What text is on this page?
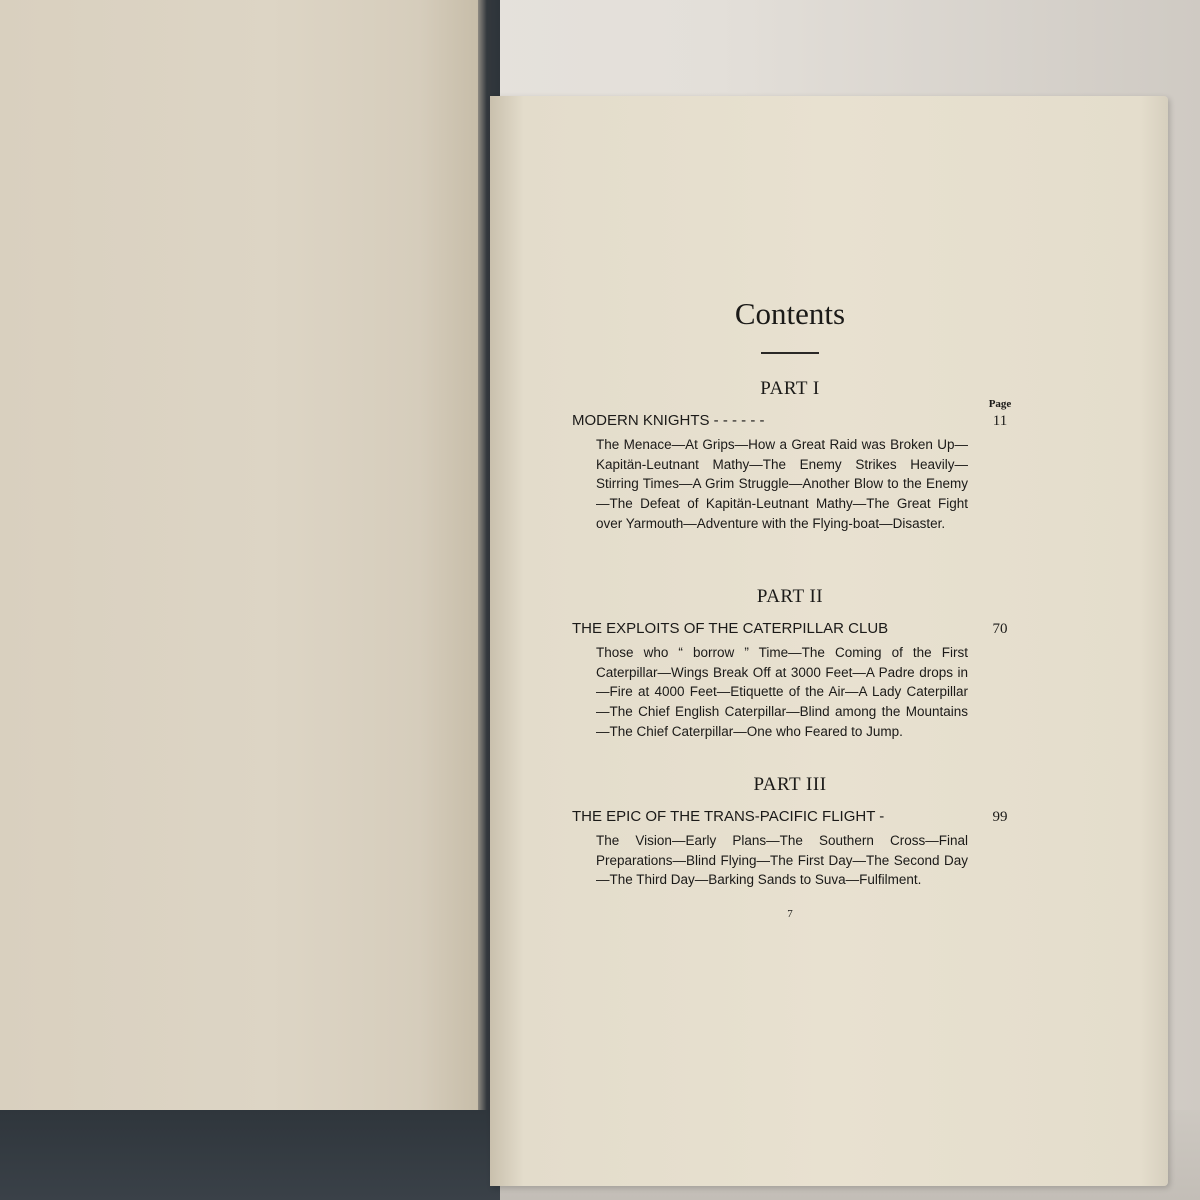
Contents
PART I
Page
MODERN KNIGHTS - - - - - -	11
The Menace—At Grips—How a Great Raid was Broken Up—Kapitän-Leutnant Mathy—The Enemy Strikes Heavily—Stirring Times—A Grim Struggle—Another Blow to the Enemy—The Defeat of Kapitän-Leutnant Mathy—The Great Fight over Yarmouth—Adventure with the Flying-boat—Disaster.
PART II
THE EXPLOITS OF THE CATERPILLAR CLUB	70
Those who “ borrow ” Time—The Coming of the First Caterpillar—Wings Break Off at 3000 Feet—A Padre drops in—Fire at 4000 Feet—Etiquette of the Air—A Lady Caterpillar—The Chief English Caterpillar—Blind among the Mountains—The Chief Caterpillar—One who Feared to Jump.
PART III
THE EPIC OF THE TRANS-PACIFIC FLIGHT -	99
The Vision—Early Plans—The Southern Cross—Final Preparations—Blind Flying—The First Day—The Second Day—The Third Day—Barking Sands to Suva—Fulfilment.
7
